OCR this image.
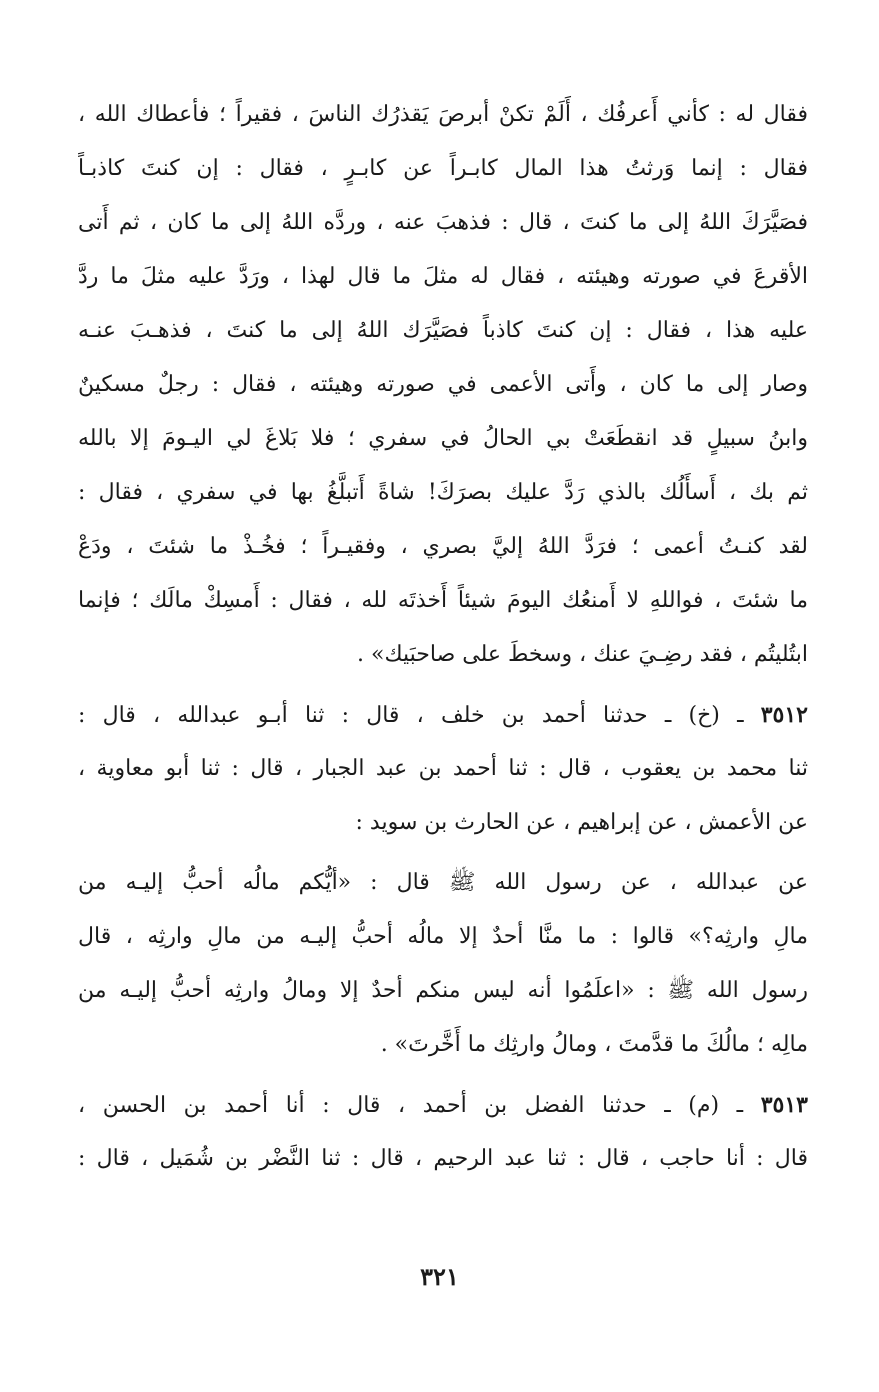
فقال له : كأني أَعرفُك ، أَلَمْ تكنْ أبرصَ يَقذرُك الناسَ ، فقيراً ؛ فأعطاك الله ،
فقال : إنما وَرثتُ هذا المال كابـراً عن كابـرٍ ، فقال : إن كنتَ كاذبـاً
فصَيَّرَكَ اللهُ إلى ما كنتَ ، قال : فذهبَ عنه ، وردَّه اللهُ إلى ما كان ، ثم أَتى
الأقرعَ في صورته وهيئته ، فقال له مثلَ ما قال لهذا ، ورَدَّ عليه مثلَ ما ردَّ
عليه هذا ، فقال : إن كنتَ كاذباً فصَيَّرَك اللهُ إلى ما كنتَ ، فذهـبَ عنـه
وصار إلى ما كان ، وأَتى الأعمى في صورته وهيئته ، فقال : رجلٌ مسكينٌ
وابنُ سبيلٍ قد انقطَعَتْ بي الحالُ في سفري ؛ فلا بَلاغَ لي اليـومَ إلا بالله
ثم بك ، أَسأَلُك بالذي رَدَّ عليك بصرَكَ! شاةً أَتبلَّغُ بها في سفري ، فقال :
لقد كنـتُ أعمى ؛ فرَدَّ اللهُ إليَّ بصري ، وفقيـراً ؛ فخُـذْ ما شئتَ ، ودَعْ
ما شئتَ ، فواللهِ لا أَمنعُك اليومَ شيئاً أَخذتَه لله ، فقال : أَمسِكْ مالَك ؛ فإنما
ابتُليتُم ، فقد رضِـيَ عنك ، وسخطَ على صاحبَيك» .
٣٥١٢ ـ (خ) ـ حدثنا أحمد بن خلف ، قال : ثنا أبـو عبدالله ، قال :
ثنا محمد بن يعقوب ، قال : ثنا أحمد بن عبد الجبار ، قال : ثنا أبو معاوية ،
عن الأعمش ، عن إبراهيم ، عن الحارث بن سويد :
عن عبدالله ، عن رسول الله ﷺ قال : «أيُّكم مالُه أحبُّ إليـه من
مالِ وارثِه؟» قالوا : ما منَّا أحدٌ إلا مالُه أحبُّ إليـه من مالِ وارثِه ، قال
رسول الله ﷺ : «اعلَمُوا أنه ليس منكم أحدٌ إلا ومالُ وارثِه أحبُّ إليـه من
مالِه ؛ مالُكَ ما قدَّمتَ ، ومالُ وارثِك ما أَخَّرتَ» .
٣٥١٣ ـ (م) ـ حدثنا الفضل بن أحمد ، قال : أنا أحمد بن الحسن ،
قال : أنا حاجب ، قال : ثنا عبد الرحيم ، قال : ثنا النَّضْر بن شُمَيل ، قال :
٣٢١
